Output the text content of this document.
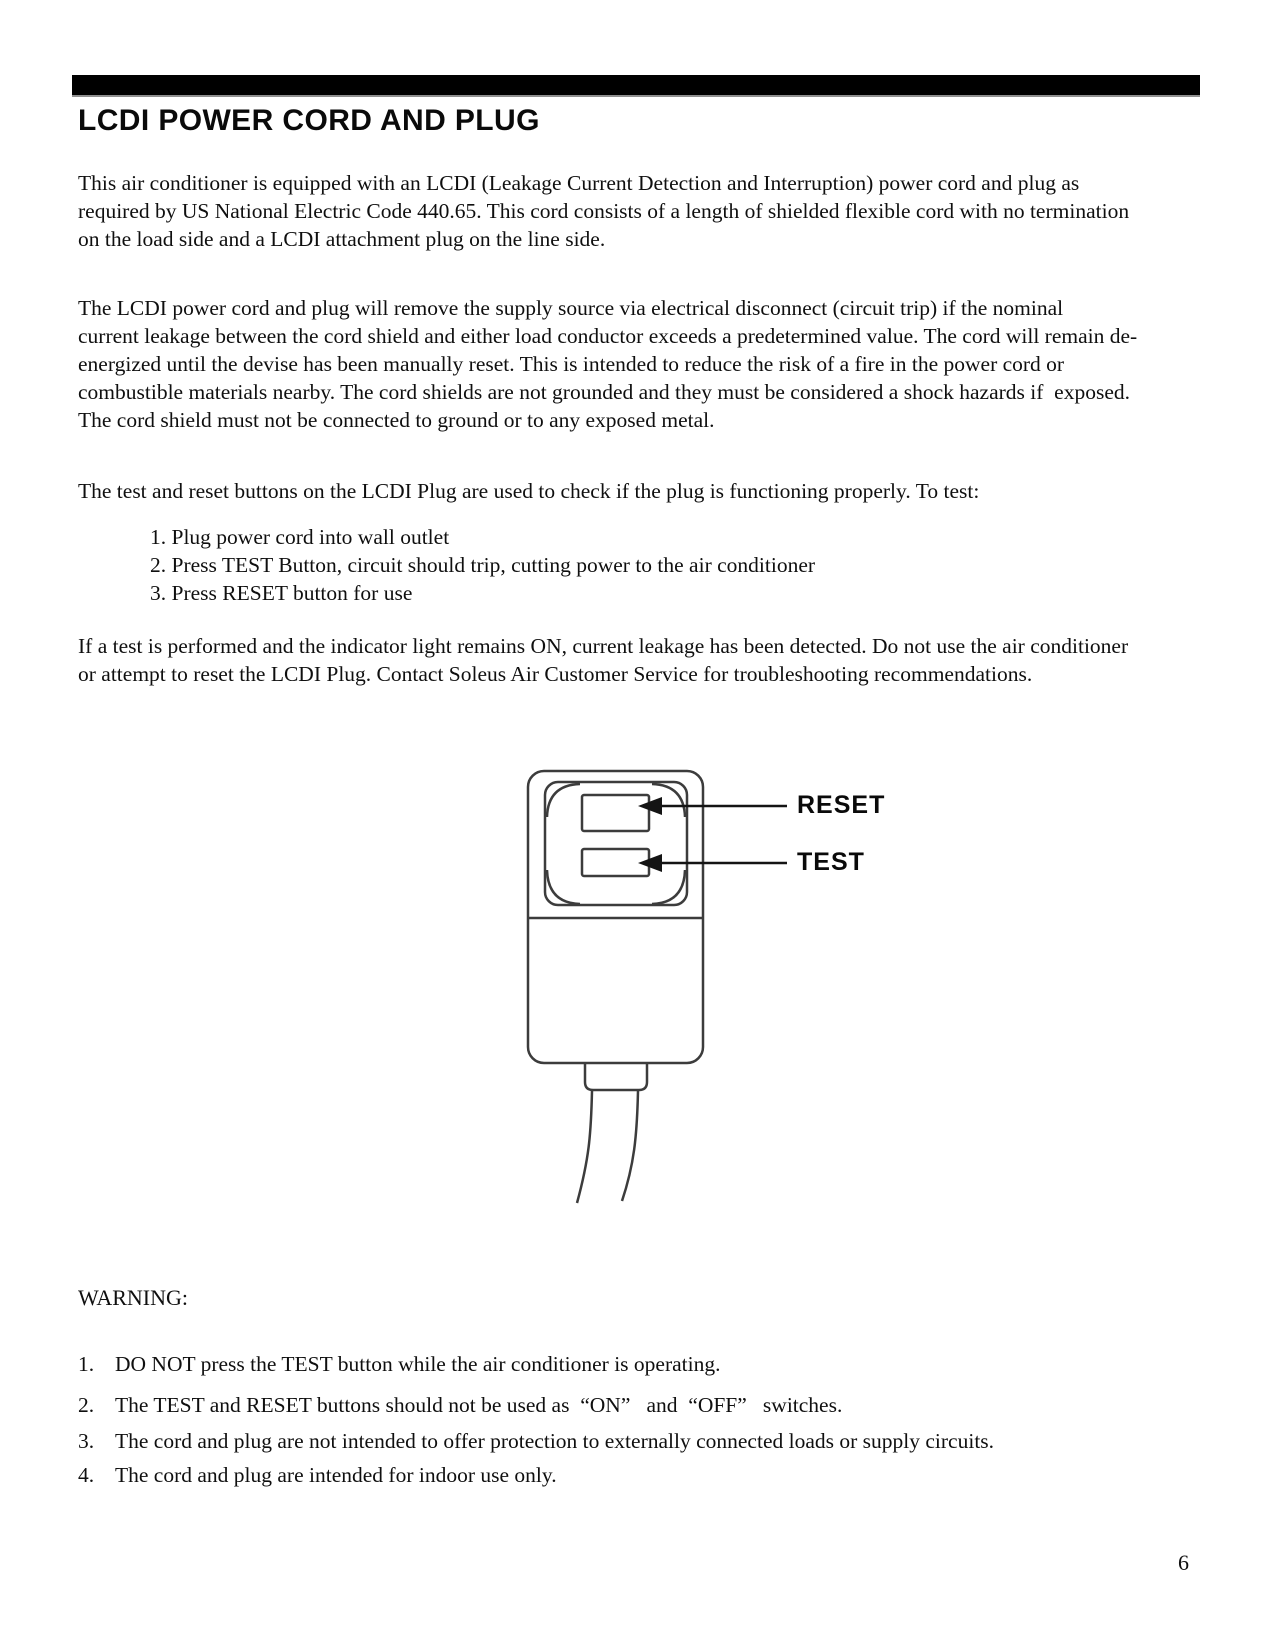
LCDI POWER CORD AND PLUG

This air conditioner is equipped with an LCDI (Leakage Current Detection and Interruption) power cord and plug as  required by US National Electric Code 440.65. This cord consists of a length of shielded flexible cord with no termination on the load side and a LCDI attachment plug on the line side.

The LCDI power cord and plug will remove the supply source via electrical disconnect (circuit trip) if the nominal     current leakage between the cord shield and either load conductor exceeds a predetermined value. The cord will remain de-energized until the devise has been manually reset. This is intended to reduce the risk of a fire in the power cord or combustible materials nearby. The cord shields are not grounded and they must be considered a shock hazards if  exposed. The cord shield must not be connected to ground or to any exposed metal.

The test and reset buttons on the LCDI Plug are used to check if the plug is functioning properly. To test:

1. Plug power cord into wall outlet
2. Press TEST Button, circuit should trip, cutting power to the air conditioner
3. Press RESET button for use

If a test is performed and the indicator light remains ON, current leakage has been detected. Do not use the air conditioner or attempt to reset the LCDI Plug. Contact Soleus Air Customer Service for troubleshooting recommendations.

RESET
TEST
WARNING:
1. DO NOT press the TEST button while the air conditioner is operating.
2. The TEST and RESET buttons should not be used as  “ON”   and  “OFF”   switches.
3. The cord and plug are not intended to offer protection to externally connected loads or supply circuits.
4. The cord and plug are intended for indoor use only.
6
